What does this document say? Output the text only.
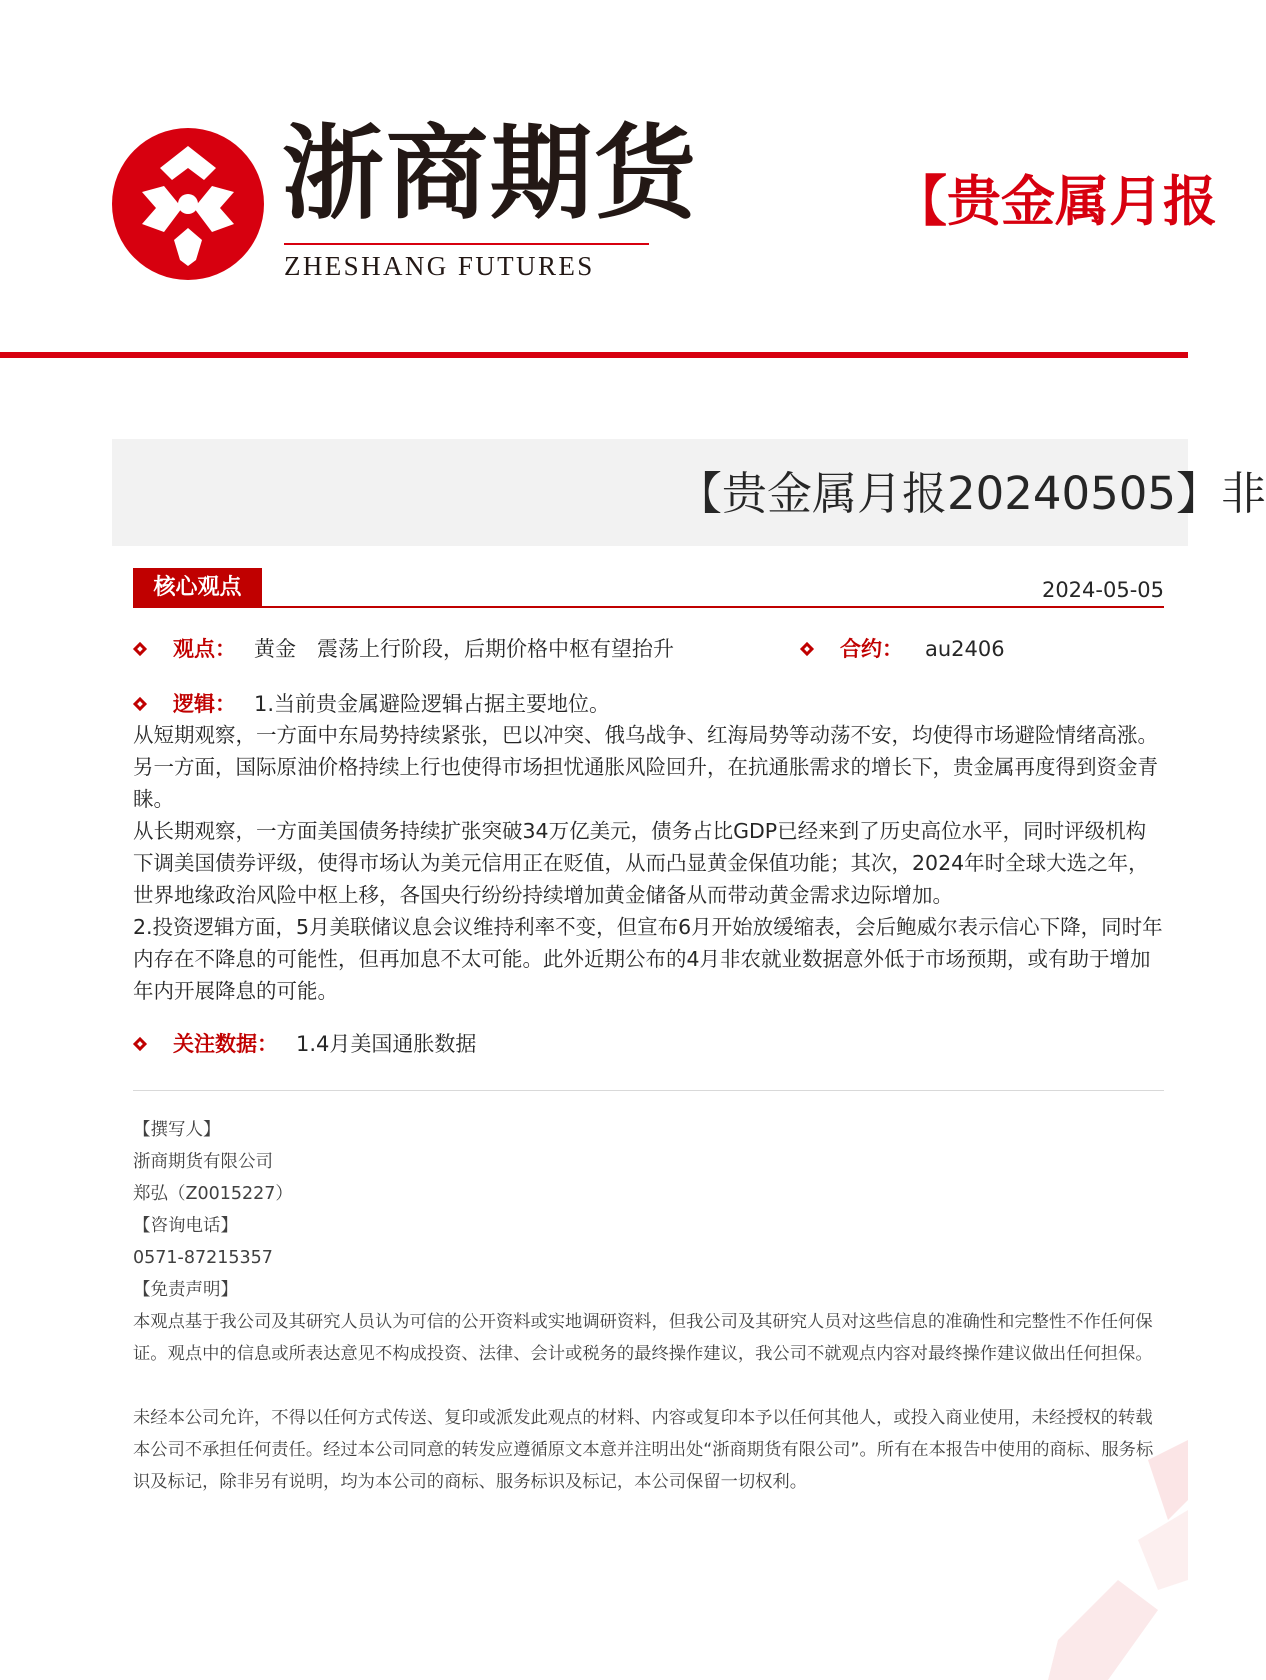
浙商期货
ZHESHANG FUTURES
【贵金属月报
【贵金属月报20240505】非
核心观点	2024-05-05
观点： 黄金　震荡上行阶段，后期价格中枢有望抬升	合约： au2406
逻辑： 1.当前贵金属避险逻辑占据主要地位。
从短期观察，一方面中东局势持续紧张，巴以冲突、俄乌战争、红海局势等动荡不安，均使得市场避险情绪高涨。另一方面，国际原油价格持续上行也使得市场担忧通胀风险回升，在抗通胀需求的增长下，贵金属再度得到资金青睐。
从长期观察，一方面美国债务持续扩张突破34万亿美元，债务占比GDP已经来到了历史高位水平，同时评级机构下调美国债券评级，使得市场认为美元信用正在贬值，从而凸显黄金保值功能；其次，2024年时全球大选之年，世界地缘政治风险中枢上移，各国央行纷纷持续增加黄金储备从而带动黄金需求边际增加。
2.投资逻辑方面，5月美联储议息会议维持利率不变，但宣布6月开始放缓缩表，会后鲍威尔表示信心下降，同时年内存在不降息的可能性，但再加息不太可能。此外近期公布的4月非农就业数据意外低于市场预期，或有助于增加年内开展降息的可能。
关注数据： 1.4月美国通胀数据
【撰写人】
浙商期货有限公司
郑弘（Z0015227）
【咨询电话】
0571-87215357
【免责声明】
本观点基于我公司及其研究人员认为可信的公开资料或实地调研资料，但我公司及其研究人员对这些信息的准确性和完整性不作任何保证。观点中的信息或所表达意见不构成投资、法律、会计或税务的最终操作建议，我公司不就观点内容对最终操作建议做出任何担保。
未经本公司允许，不得以任何方式传送、复印或派发此观点的材料、内容或复印本予以任何其他人，或投入商业使用，未经授权的转载本公司不承担任何责任。经过本公司同意的转发应遵循原文本意并注明出处“浙商期货有限公司”。所有在本报告中使用的商标、服务标识及标记，除非另有说明，均为本公司的商标、服务标识及标记，本公司保留一切权利。
